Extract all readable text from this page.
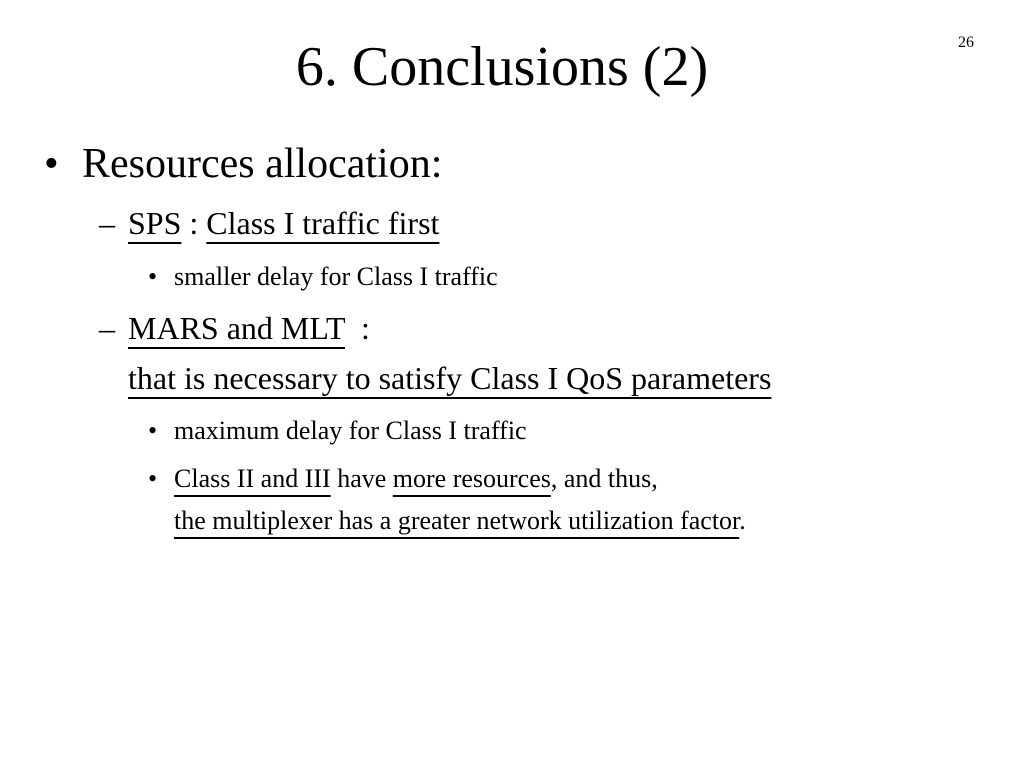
26
6. Conclusions (2)
• Resources allocation:
– SPS : Class I traffic first
• smaller delay for Class I traffic
– MARS and MLT  :
that is necessary to satisfy Class I QoS parameters
• maximum delay for Class I traffic
• Class II and III have more resources, and thus,
the multiplexer has a greater network utilization factor.
